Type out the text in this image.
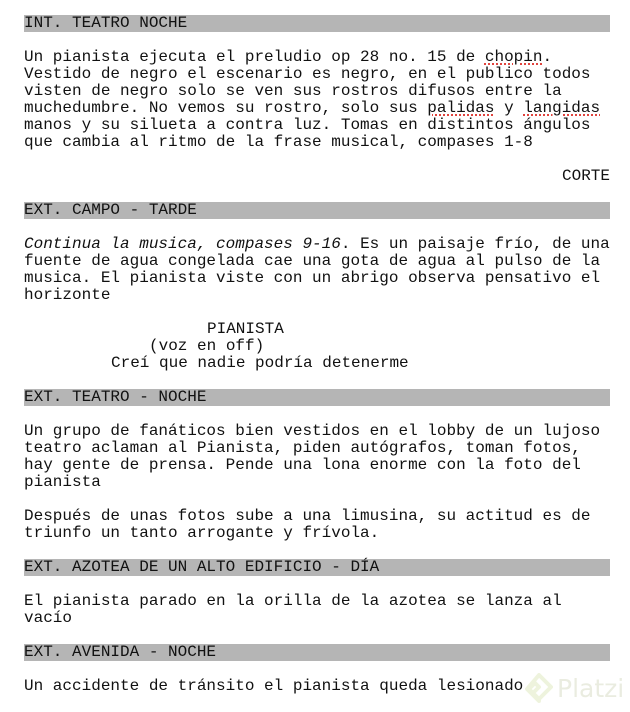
INT. TEATRO NOCHE
Un pianista ejecuta el preludio op 28 no. 15 de chopin.
Vestido de negro el escenario es negro, en el publico todos
visten de negro solo se ven sus rostros difusos entre la
muchedumbre. No vemos su rostro, solo sus palidas y langidas
manos y su silueta a contra luz. Tomas en distintos ángulos
que cambia al ritmo de la frase musical, compases 1-8
CORTE
EXT. CAMPO - TARDE
Continua la musica, compases 9-16. Es un paisaje frío, de una
fuente de agua congelada cae una gota de agua al pulso de la
musica. El pianista viste con un abrigo observa pensativo el
horizonte
PIANISTA
(voz en off)
Creí que nadie podría detenerme
EXT. TEATRO - NOCHE
Un grupo de fanáticos bien vestidos en el lobby de un lujoso
teatro aclaman al Pianista, piden autógrafos, toman fotos,
hay gente de prensa. Pende una lona enorme con la foto del
pianista
Después de unas fotos sube a una limusina, su actitud es de
triunfo un tanto arrogante y frívola.
EXT. AZOTEA DE UN ALTO EDIFICIO - DÍA
El pianista parado en la orilla de la azotea se lanza al
vacío
EXT. AVENIDA - NOCHE
Un accidente de tránsito el pianista queda lesionado	Platzi
